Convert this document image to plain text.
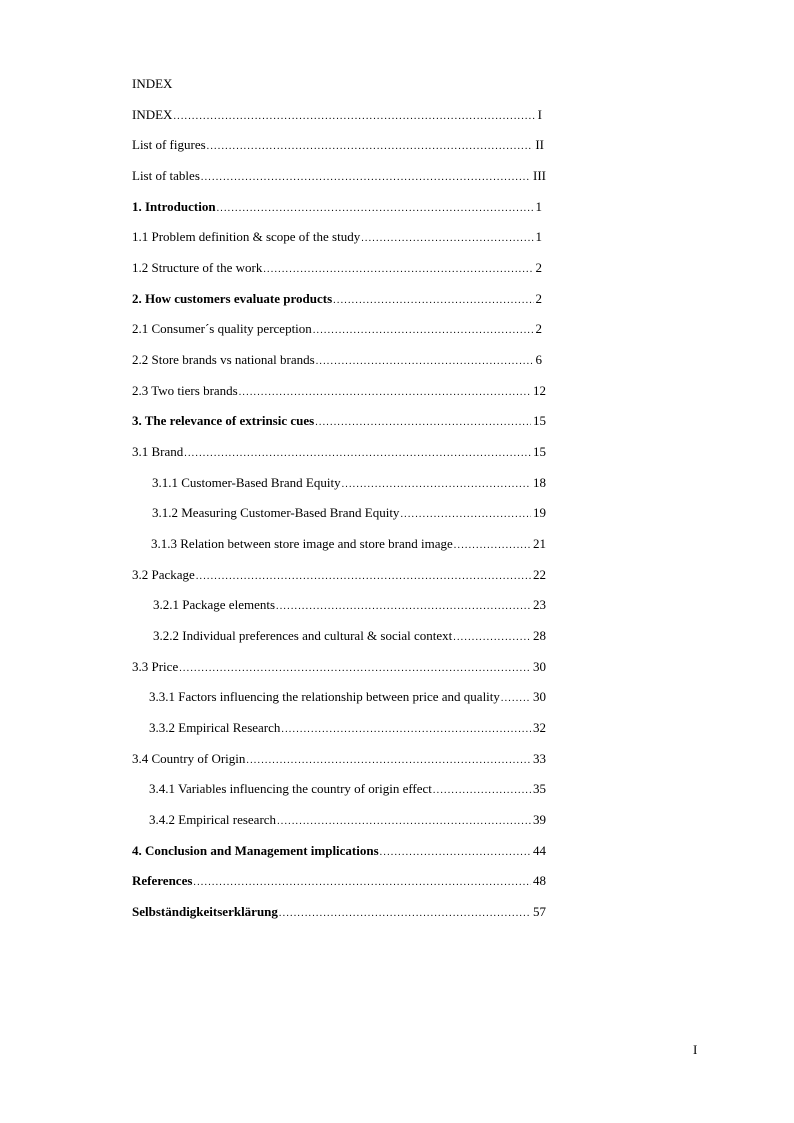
INDEX
INDEX .....	I
List of figures .....	II
List of tables .....	III
1. Introduction .....	1
1.1 Problem definition & scope of the study .....	1
1.2 Structure of the work .....	2
2. How customers evaluate products .....	2
2.1 Consumer´s quality perception .....	2
2.2 Store brands vs national brands .....	6
2.3 Two tiers brands .....	12
3. The relevance of extrinsic cues .....	15
3.1 Brand .....	15
3.1.1 Customer-Based Brand Equity .....	18
3.1.2 Measuring Customer-Based Brand Equity .....	19
3.1.3 Relation between store image and store brand image .....	21
3.2 Package .....	22
3.2.1 Package elements .....	23
3.2.2 Individual preferences and cultural & social context .....	28
3.3 Price .....	30
3.3.1 Factors influencing the relationship between price and quality .....	30
3.3.2 Empirical Research .....	32
3.4 Country of Origin .....	33
3.4.1 Variables influencing the country of origin effect .....	35
3.4.2 Empirical research .....	39
4. Conclusion and Management implications .....	44
References .....	48
Selbständigkeitserklärung .....	57
I
